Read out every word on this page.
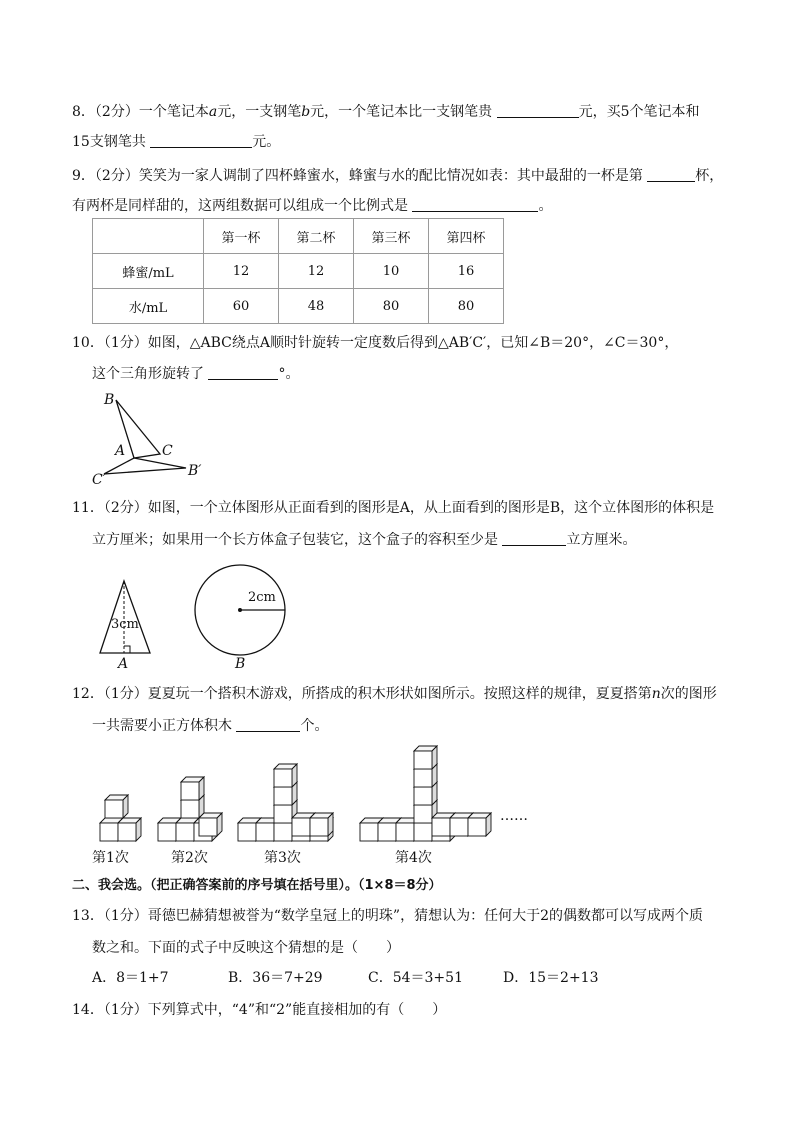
8．（2分）一个笔记本a元，一支钢笔b元，一个笔记本比一支钢笔贵	元，买5个笔记本和
15支钢笔共	元。
9．（2分）笑笑为一家人调制了四杯蜂蜜水，蜂蜜与水的配比情况如表：其中最甜的一杯是第	杯，
有两杯是同样甜的，这两组数据可以组成一个比例式是	。
	第一杯	第二杯	第三杯	第四杯
蜂蜜/mL	12	12	10	16
水/mL	60	48	80	80
10．（1分）如图，△ABC绕点A顺时针旋转一定度数后得到△AB′C′，已知∠B＝20°，∠C＝30°，
这个三角形旋转了	°。
B
A	C
C′
B′
11．（2分）如图，一个立体图形从正面看到的图形是A，从上面看到的图形是B，这个立体图形的体积是
立方厘米；如果用一个长方体盒子包装它，这个盒子的容积至少是	立方厘米。
3cm
A
2cm
B
12．（1分）夏夏玩一个搭积木游戏，所搭成的积木形状如图所示。按照这样的规律，夏夏搭第n次的图形
一共需要小正方体积木	个。
……
第1次	第2次	第3次	第4次
二、我会选。（把正确答案前的序号填在括号里）。（1×8＝8分）
13．（1分）哥德巴赫猜想被誉为“数学皇冠上的明珠”，猜想认为：任何大于2的偶数都可以写成两个质
数之和。下面的式子中反映这个猜想的是（　　）
A．8＝1+7	B．36＝7+29	C．54＝3+51	D．15＝2+13
14．（1分）下列算式中，“4”和“2”能直接相加的有（　　）
